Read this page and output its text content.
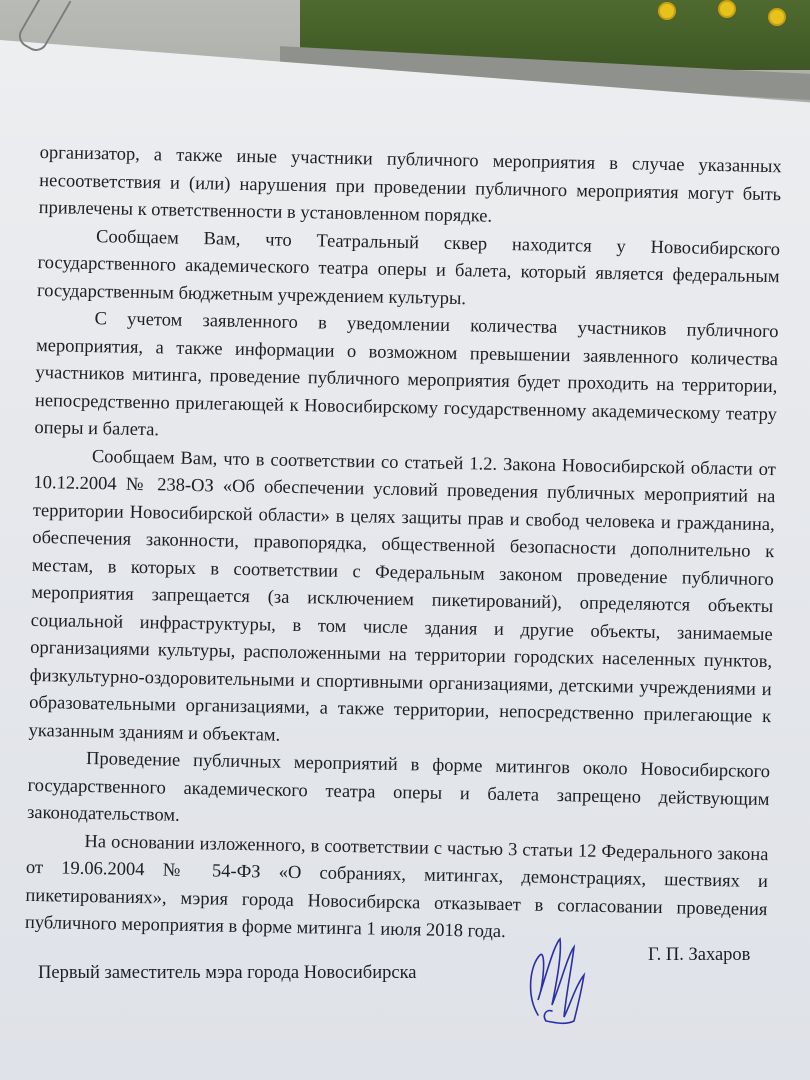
организатор, а также иные участники публичного мероприятия в случае указанных несоответствия и (или) нарушения при проведении публичного мероприятия могут быть привлечены к ответственности в установленном порядке.

Сообщаем Вам, что Театральный сквер находится у Новосибирского государственного академического театра оперы и балета, который является федеральным государственным бюджетным учреждением культуры.

С учетом заявленного в уведомлении количества участников публичного мероприятия, а также информации о возможном превышении заявленного количества участников митинга, проведение публичного мероприятия будет проходить на территории, непосредственно прилегающей к Новосибирскому государственному академическому театру оперы и балета.

Сообщаем Вам, что в соответствии со статьей 1.2. Закона Новосибирской области от 10.12.2004 № 238-ОЗ «Об обеспечении условий проведения публичных мероприятий на территории Новосибирской области» в целях защиты прав и свобод человека и гражданина, обеспечения законности, правопорядка, общественной безопасности дополнительно к местам, в которых в соответствии с Федеральным законом проведение публичного мероприятия запрещается (за исключением пикетирований), определяются объекты социальной инфраструктуры, в том числе здания и другие объекты, занимаемые организациями культуры, расположенными на территории городских населенных пунктов, физкультурно-оздоровительными и спортивными организациями, детскими учреждениями и образовательными организациями, а также территории, непосредственно прилегающие к указанным зданиям и объектам.

Проведение публичных мероприятий в форме митингов около Новосибирского государственного академического театра оперы и балета запрещено действующим законодательством.

На основании изложенного, в соответствии с частью 3 статьи 12 Федерального закона от 19.06.2004 № 54-ФЗ «О собраниях, митингах, демонстрациях, шествиях и пикетированиях», мэрия города Новосибирска отказывает в согласовании проведения публичного мероприятия в форме митинга 1 июля 2018 года.

Первый заместитель мэра города Новосибирска
Г. П. Захаров
